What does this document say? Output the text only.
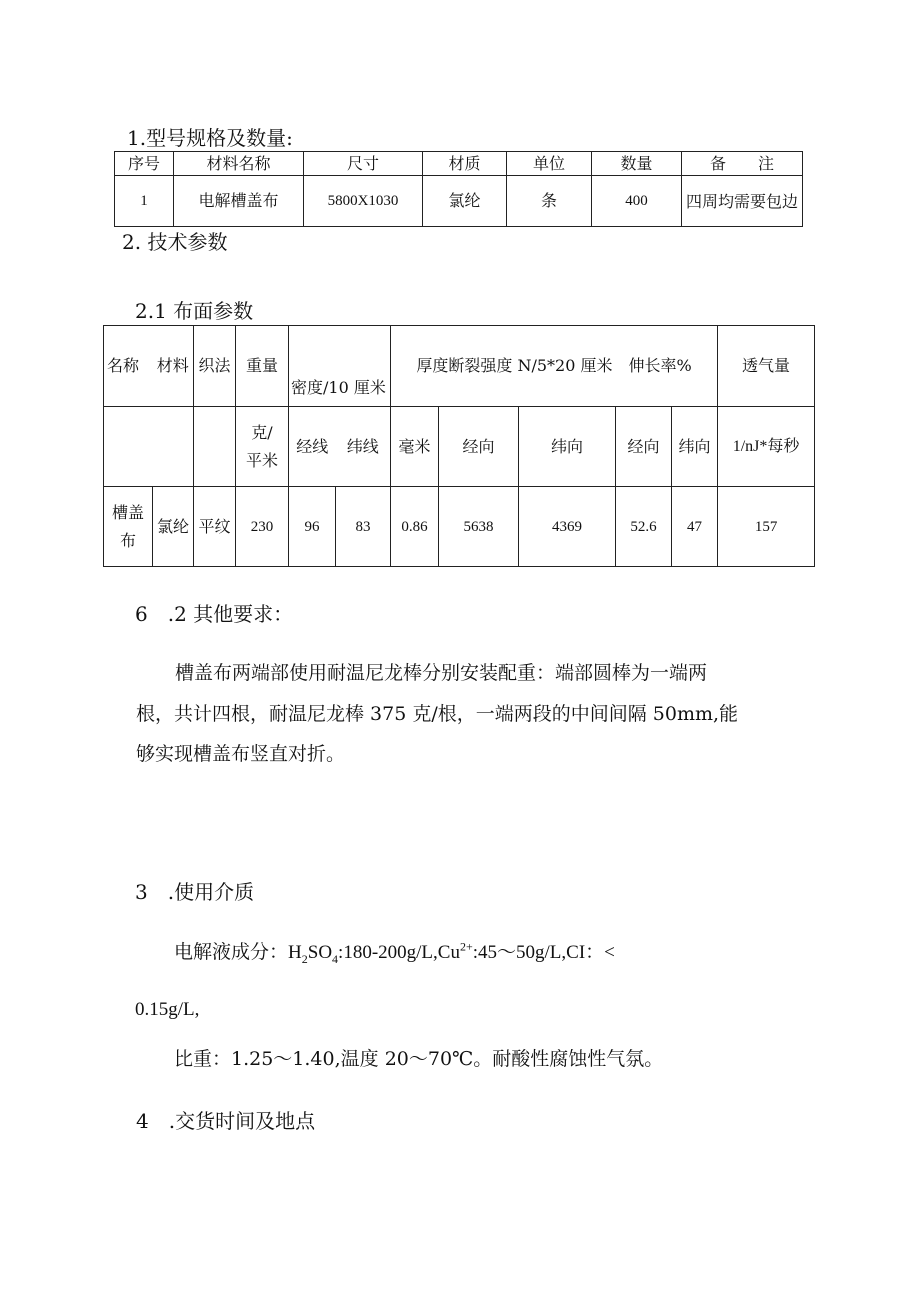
1.型号规格及数量:
序号	材料名称	尺寸	材质	单位	数量	备　　注
1	电解槽盖布	5800X1030	氯纶	条	400	四周均需要包边
2. 技术参数
2.1 布面参数
名称	材料	织法	重量	密度/10 厘米		厚度断裂强度 N/5*20 厘米　伸长率%					透气量
			克/平米	经线	纬线	毫米	经向	纬向	经向	纬向	1/nJ*每秒
槽盖布	氯纶	平纹	230	96	83	0.86	5638	4369	52.6	47	157
6　.2 其他要求：
槽盖布两端部使用耐温尼龙棒分别安装配重：端部圆棒为一端两
根，共计四根，耐温尼龙棒 375 克/根，一端两段的中间间隔 50mm,能
够实现槽盖布竖直对折。
3　.使用介质
电解液成分：$H_2SO_4:180-200g/L,Cu^{2+}:45\sim 50g/L,CI$：<
0.15g/L,
比重：1.25～1.40,温度 20～70℃。耐酸性腐蚀性气氛。
4　.交货时间及地点
